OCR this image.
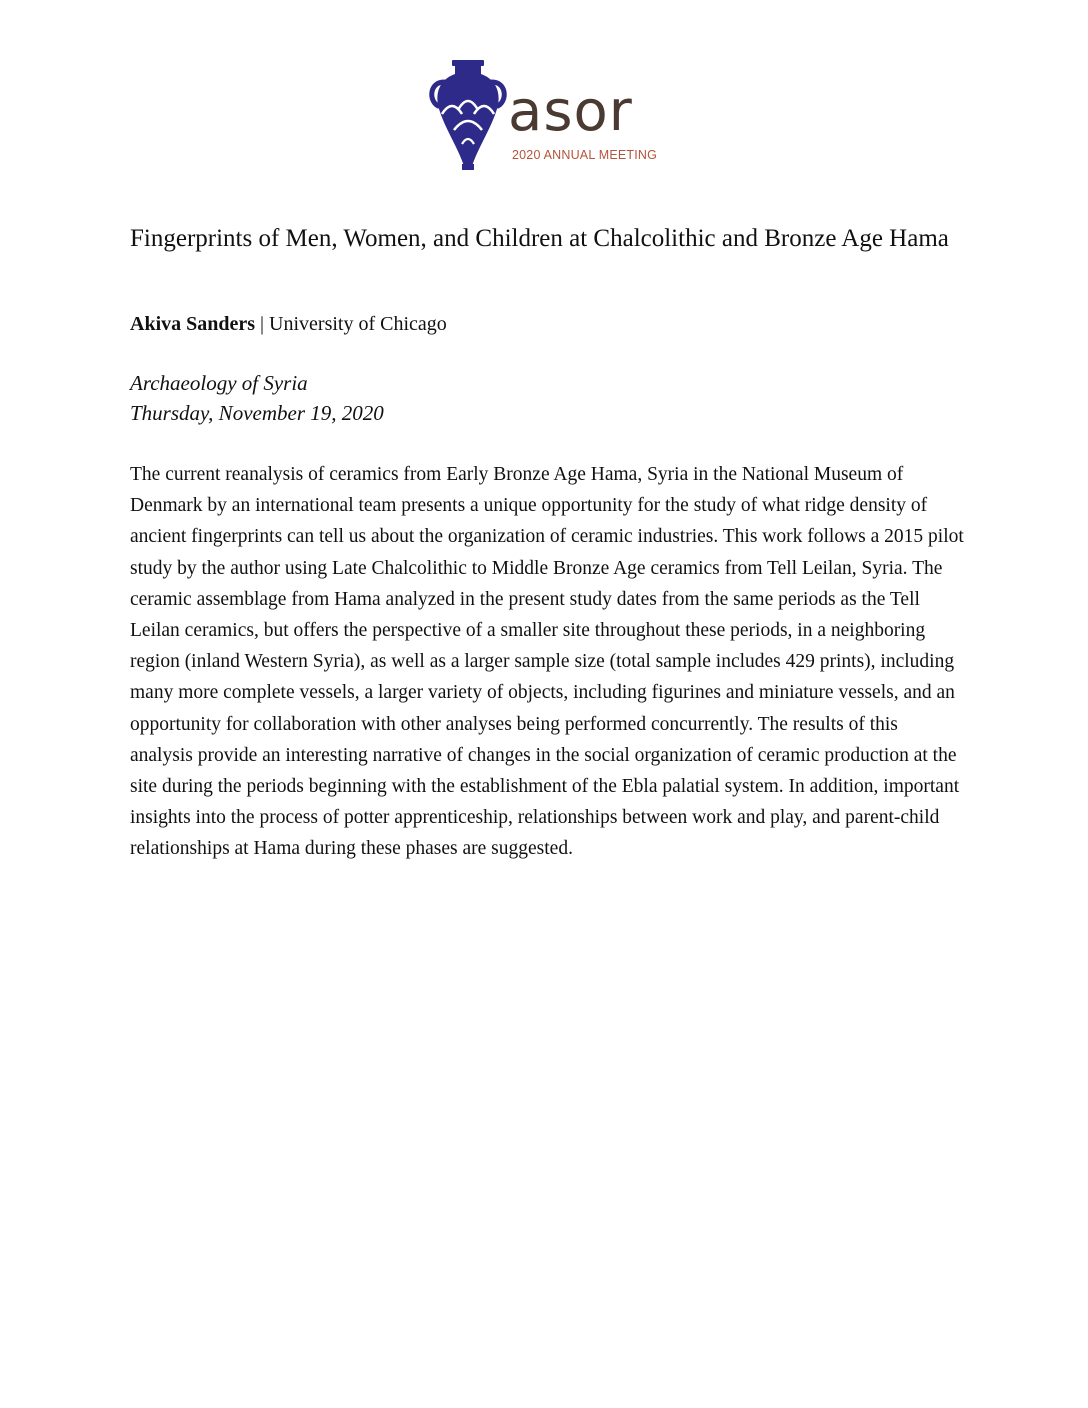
asor
2020 ANNUAL MEETING
Fingerprints of Men, Women, and Children at Chalcolithic and Bronze Age Hama
Akiva Sanders | University of Chicago
Archaeology of Syria
Thursday, November 19, 2020

The current reanalysis of ceramics from Early Bronze Age Hama, Syria in the National Museum of Denmark by an international team presents a unique opportunity for the study of what ridge density of ancient fingerprints can tell us about the organization of ceramic industries. This work follows a 2015 pilot study by the author using Late Chalcolithic to Middle Bronze Age ceramics from Tell Leilan, Syria. The ceramic assemblage from Hama analyzed in the present study dates from the same periods as the Tell Leilan ceramics, but offers the perspective of a smaller site throughout these periods, in a neighboring region (inland Western Syria), as well as a larger sample size (total sample includes 429 prints), including many more complete vessels, a larger variety of objects, including figurines and miniature vessels, and an opportunity for collaboration with other analyses being performed concurrently. The results of this analysis provide an interesting narrative of changes in the social organization of ceramic production at the site during the periods beginning with the establishment of the Ebla palatial system. In addition, important insights into the process of potter apprenticeship, relationships between work and play, and parent-child relationships at Hama during these phases are suggested.
